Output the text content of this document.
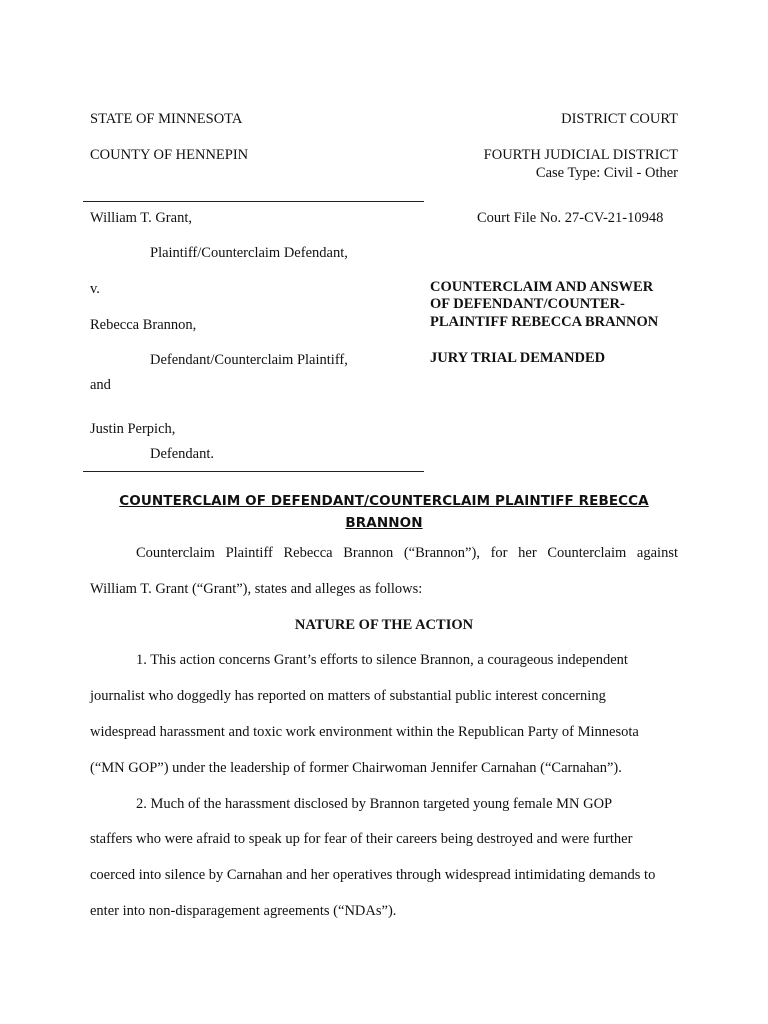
STATE OF MINNESOTA	DISTRICT COURT
COUNTY OF HENNEPIN	FOURTH JUDICIAL DISTRICT
Case Type: Civil - Other
William T. Grant,	Court File No. 27-CV-21-10948
Plaintiff/Counterclaim Defendant,
v.	COUNTERCLAIM AND ANSWER
OF DEFENDANT/COUNTER-
PLAINTIFF REBECCA BRANNON
Rebecca Brannon,
Defendant/Counterclaim Plaintiff,	JURY TRIAL DEMANDED
and
Justin Perpich,
Defendant.
COUNTERCLAIM OF DEFENDANT/COUNTERCLAIM PLAINTIFF REBECCA
BRANNON
Counterclaim Plaintiff Rebecca Brannon (“Brannon”), for her Counterclaim against
William T. Grant (“Grant”), states and alleges as follows:
NATURE OF THE ACTION
1. This action concerns Grant’s efforts to silence Brannon, a courageous independent
journalist who doggedly has reported on matters of substantial public interest concerning
widespread harassment and toxic work environment within the Republican Party of Minnesota
(“MN GOP”) under the leadership of former Chairwoman Jennifer Carnahan (“Carnahan”).
2. Much of the harassment disclosed by Brannon targeted young female MN GOP
staffers who were afraid to speak up for fear of their careers being destroyed and were further
coerced into silence by Carnahan and her operatives through widespread intimidating demands to
enter into non-disparagement agreements (“NDAs”).
